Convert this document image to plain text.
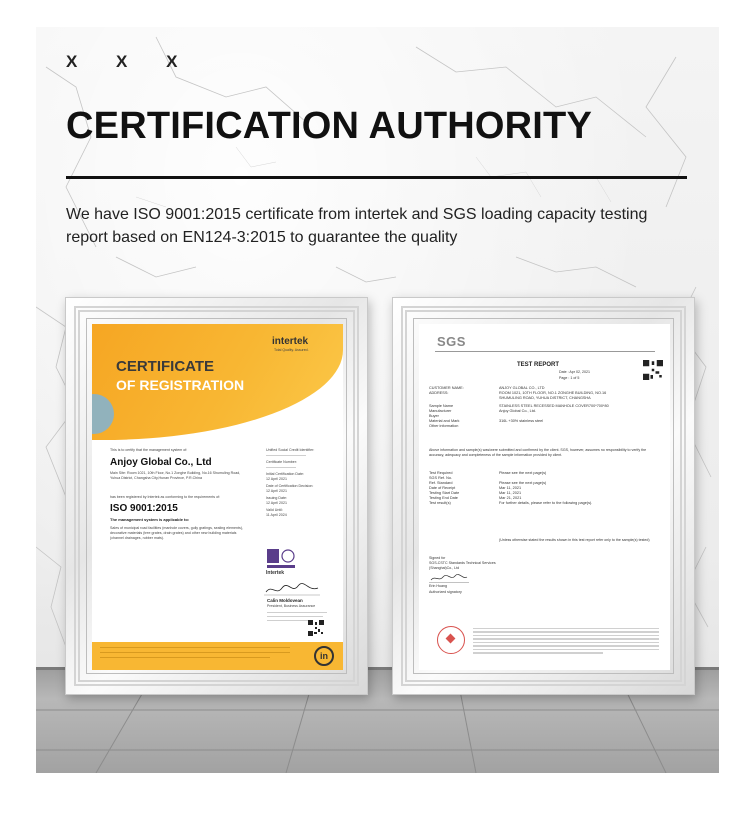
X X X
CERTIFICATION AUTHORITY
We have ISO 9001:2015 certificate from intertek and SGS loading capacity testing report based on EN124-3:2015 to guarantee the quality
CERTIFICATE
OF REGISTRATION
intertek
Total Quality. Assured.
This is to certify that the management system of:
Anjoy Global Co., Ltd
Main Site: Room 1021, 10th Floor, No.1 Zonghe Building, No.16 Shumuling Road, Yuhua District, Changsha City,Hunan Province, P.R.China
has been registered by Intertek as conforming to the requirements of:
ISO 9001:2015
The management system is applicable to:
Sales of municipal road facilities (manhole covers, gully gratings, sealing elements), decorative materials (tree grates, drain grates) and other new building materials (channel drainages, rubber mats).
Unified Social Credit Identifier:
Certificate Number:
Initial Certification Date:
12 April 2021
Date of Certification Decision:
12 April 2021
Issuing Date:
12 April 2021
Valid Until:
11 April 2024
Intertek
Calin Moldovean
President, Business Assurance
in
SGS
TEST REPORT
Date : Apr 02, 2021
Page : 1 of 5
CUSTOMER NAME:	ANJOY GLOBAL CO., LTD
ADDRESS:	ROOM 1021, 10TH FLOOR, NO.1 ZONGHE BUILDING, NO.16
SHUMULING ROAD, YUHUA DISTRICT, CHANGSHA
Sample Name	STAINLESS STEEL RECESSED MANHOLE COVER700*700*80
Manufacturer	Anjoy Global Co., Ltd.
Buyer
Material and Mark	316L +30% stainless steel
Other information
Test Required	Please see the next page(s)
SGS Ref. No.
Ref. Standard	Please see the next page(s)
Date of Receipt	Mar 11, 2021
Testing Start Date	Mar 11, 2021
Testing End Date	Mar 21, 2021
Test result(s)	For further details, please refer to the following page(s).
Above information and sample(s) was/were submitted and confirmed by the client. SGS, however, assumes no responsibility to verify the accuracy, adequacy and completeness of the sample information provided by client.
(Unless otherwise stated the results shown in this test report refer only to the sample(s) tested)
Signed for
SGS-CSTC Standards Technical Services (Shanghai)Co., Ltd
Erin Huang
Authorized signatory
